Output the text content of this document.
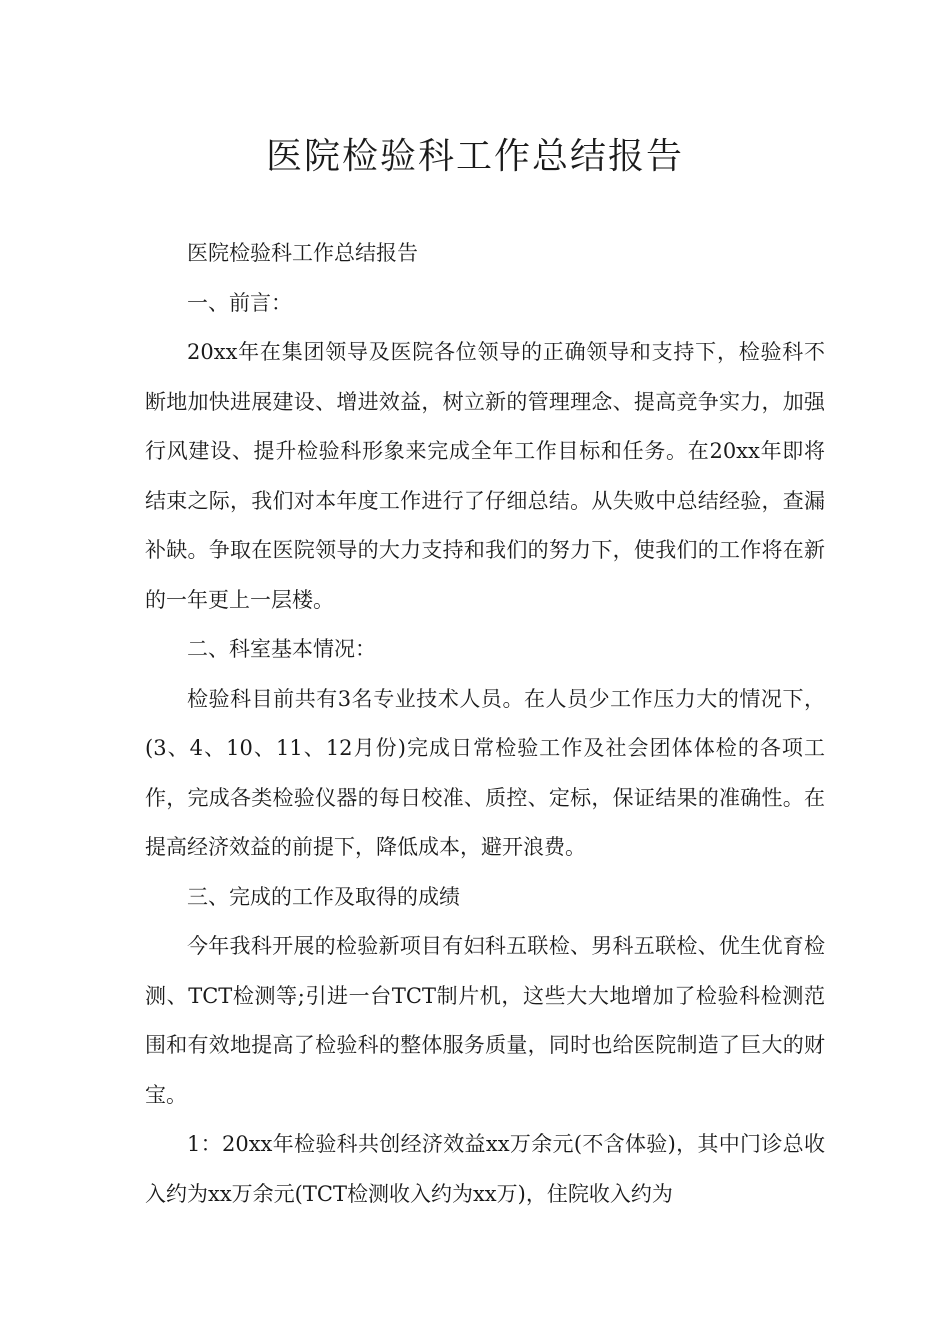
医院检验科工作总结报告

医院检验科工作总结报告

一、前言：

20xx年在集团领导及医院各位领导的正确领导和支持下，检验科不断地加快进展建设、增进效益，树立新的管理理念、提高竞争实力，加强行风建设、提升检验科形象来完成全年工作目标和任务。在20xx年即将结束之际，我们对本年度工作进行了仔细总结。从失败中总结经验，查漏补缺。争取在医院领导的大力支持和我们的努力下，使我们的工作将在新的一年更上一层楼。

二、科室基本情况：

检验科目前共有3名专业技术人员。在人员少工作压力大的情况下，(3、4、10、11、12月份)完成日常检验工作及社会团体体检的各项工作，完成各类检验仪器的每日校准、质控、定标，保证结果的准确性。在提高经济效益的前提下，降低成本，避开浪费。

三、完成的工作及取得的成绩

今年我科开展的检验新项目有妇科五联检、男科五联检、优生优育检测、TCT检测等;引进一台TCT制片机，这些大大地增加了检验科检测范围和有效地提高了检验科的整体服务质量，同时也给医院制造了巨大的财宝。

1：20xx年检验科共创经济效益xx万余元(不含体验)，其中门诊总收入约为xx万余元(TCT检测收入约为xx万)，住院收入约为
